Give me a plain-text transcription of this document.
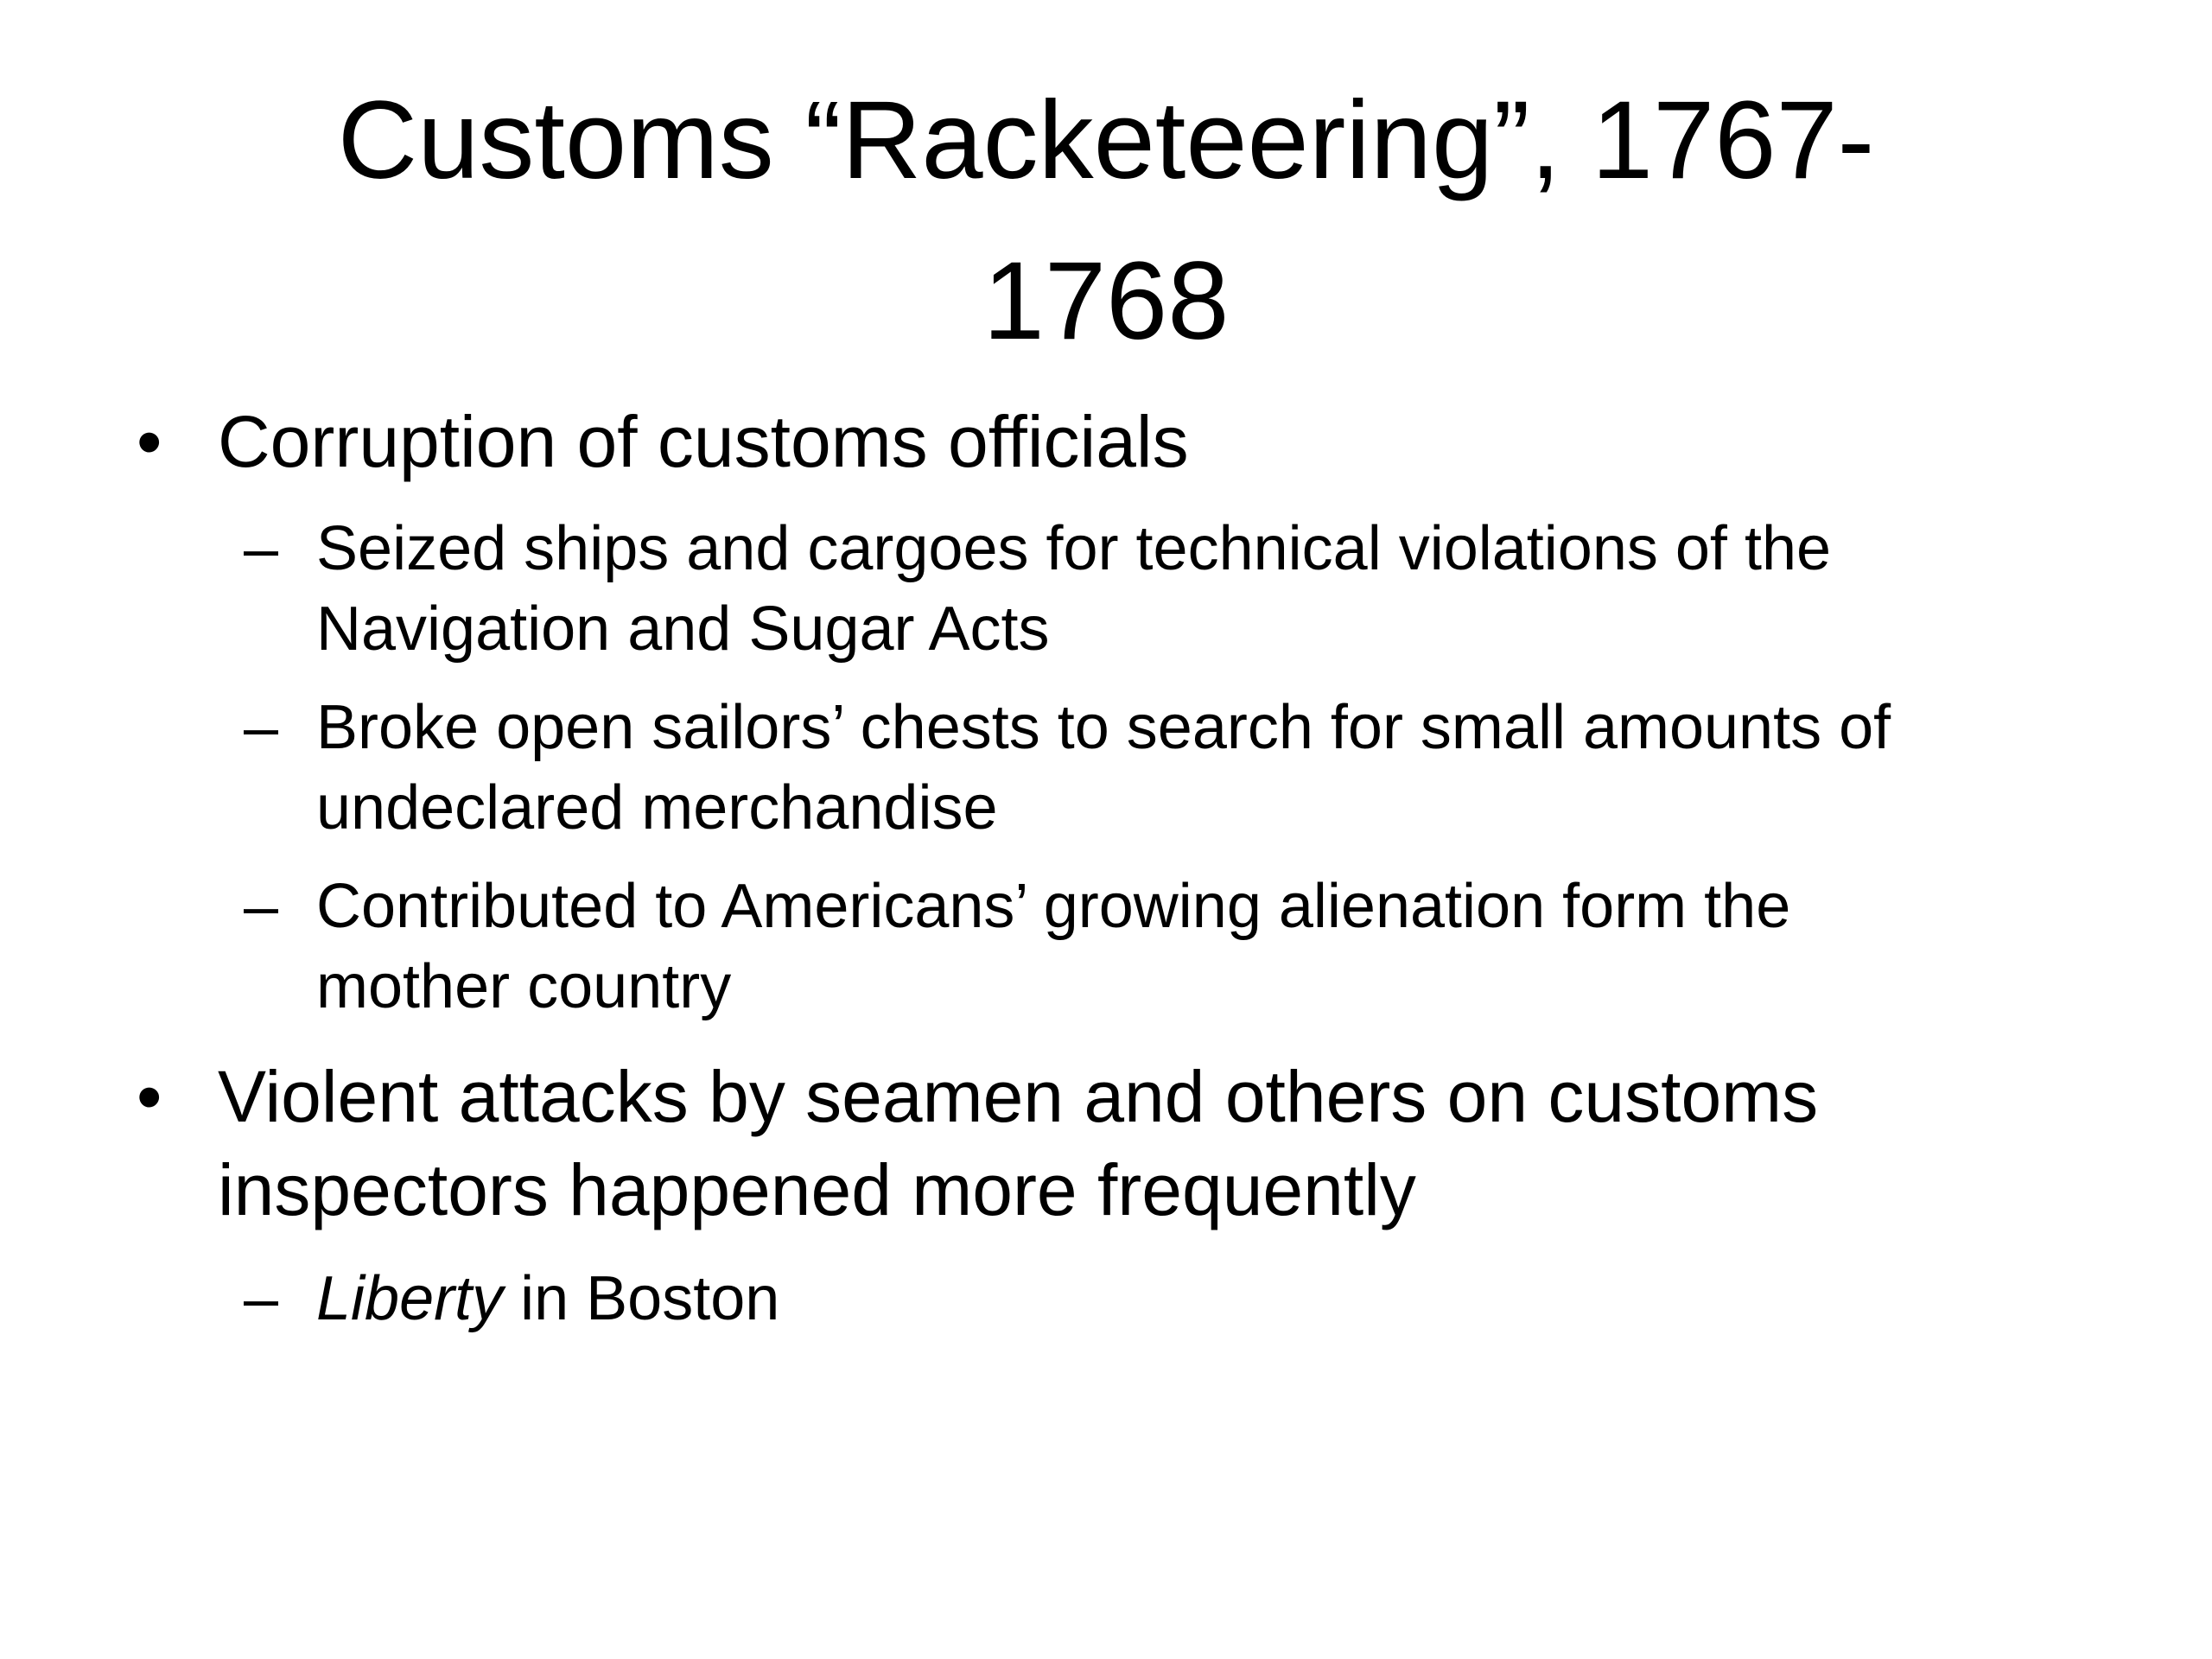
Customs “Racketeering”, 1767-
1768
• Corruption of customs officials
– Seized ships and cargoes for technical violations of the
Navigation and Sugar Acts
– Broke open sailors’ chests to search for small amounts of
undeclared merchandise
– Contributed to Americans’ growing alienation form the
mother country
• Violent attacks by seamen and others on customs
inspectors happened more frequently
– Liberty in Boston
